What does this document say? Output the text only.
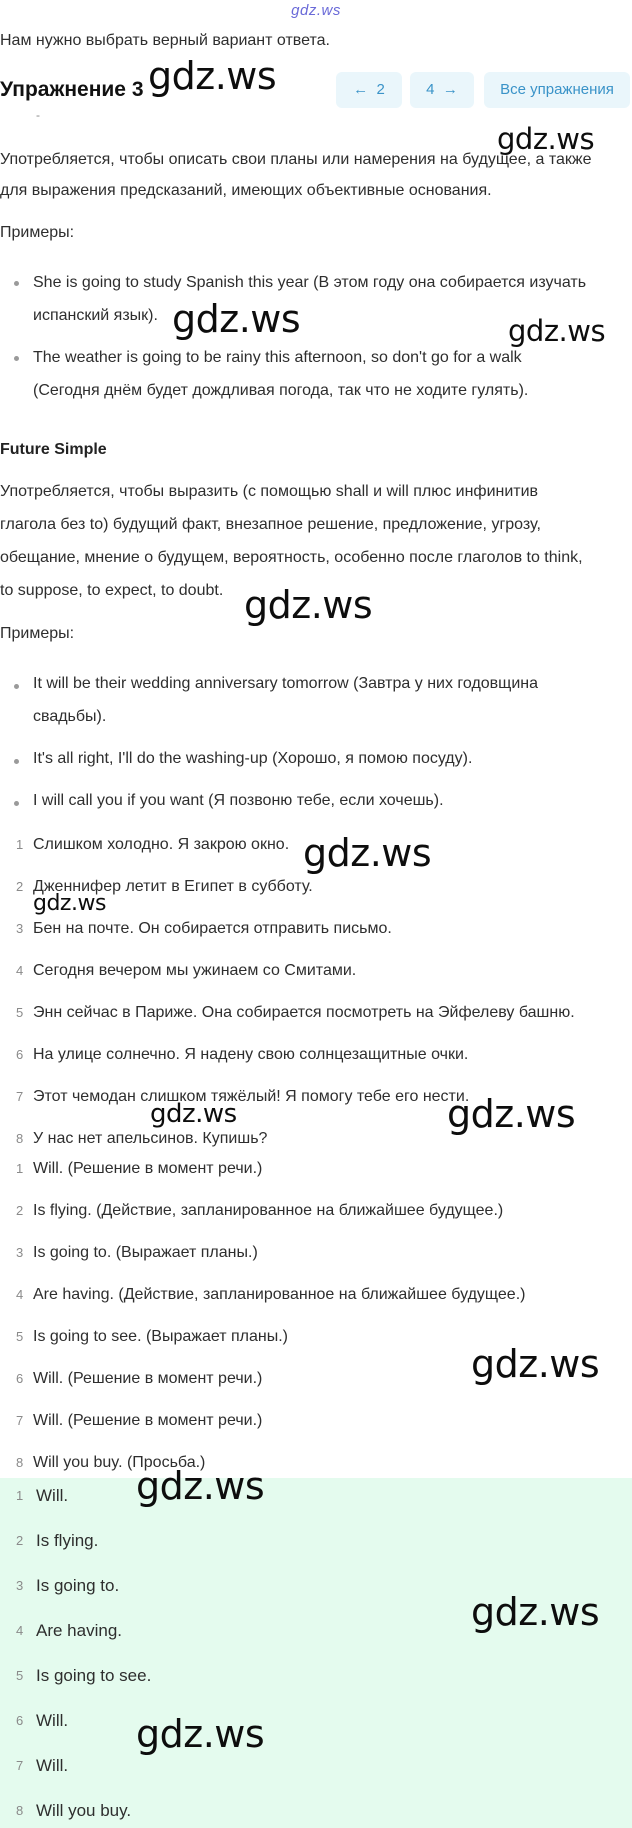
gdz.ws
Нам нужно выбрать верный вариант ответа.
Упражнение 3	← 2	4 →	Все упражнения
-
Употребляется, чтобы описать свои планы или намерения на будущее, а также
для выражения предсказаний, имеющих объективные основания.
Примеры:
She is going to study Spanish this year (В этом году она собирается изучать
испанский язык).
The weather is going to be rainy this afternoon, so don't go for a walk
(Сегодня днём будет дождливая погода, так что не ходите гулять).
Future Simple
Употребляется, чтобы выразить (с помощью shall и will плюс инфинитив
глагола без to) будущий факт, внезапное решение, предложение, угрозу,
обещание, мнение о будущем, вероятность, особенно после глаголов to think,
to suppose, to expect, to doubt.
Примеры:
It will be their wedding anniversary tomorrow (Завтра у них годовщина
свадьбы).
It's all right, I'll do the washing-up (Хорошо, я помою посуду).
I will call you if you want (Я позвоню тебе, если хочешь).
1 Слишком холодно. Я закрою окно.
2 Дженнифер летит в Египет в субботу.
3 Бен на почте. Он собирается отправить письмо.
4 Сегодня вечером мы ужинаем со Смитами.
5 Энн сейчас в Париже. Она собирается посмотреть на Эйфелеву башню.
6 На улице солнечно. Я надену свою солнцезащитные очки.
7 Этот чемодан слишком тяжёлый! Я помогу тебе его нести.
8 У нас нет апельсинов. Купишь?
1 Will. (Решение в момент речи.)
2 Is flying. (Действие, запланированное на ближайшее будущее.)
3 Is going to. (Выражает планы.)
4 Are having. (Действие, запланированное на ближайшее будущее.)
5 Is going to see. (Выражает планы.)
6 Will. (Решение в момент речи.)
7 Will. (Решение в момент речи.)
8 Will you buy. (Просьба.)
1 Will.
2 Is flying.
3 Is going to.
4 Are having.
5 Is going to see.
6 Will.
7 Will.
8 Will you buy.
gdz.ws
gdz.ws
gdz.ws	gdz.ws
gdz.ws
gdz.ws
gdz.ws
gdz.ws	gdz.ws
gdz.ws
gdz.ws
gdz.ws
gdz.ws
